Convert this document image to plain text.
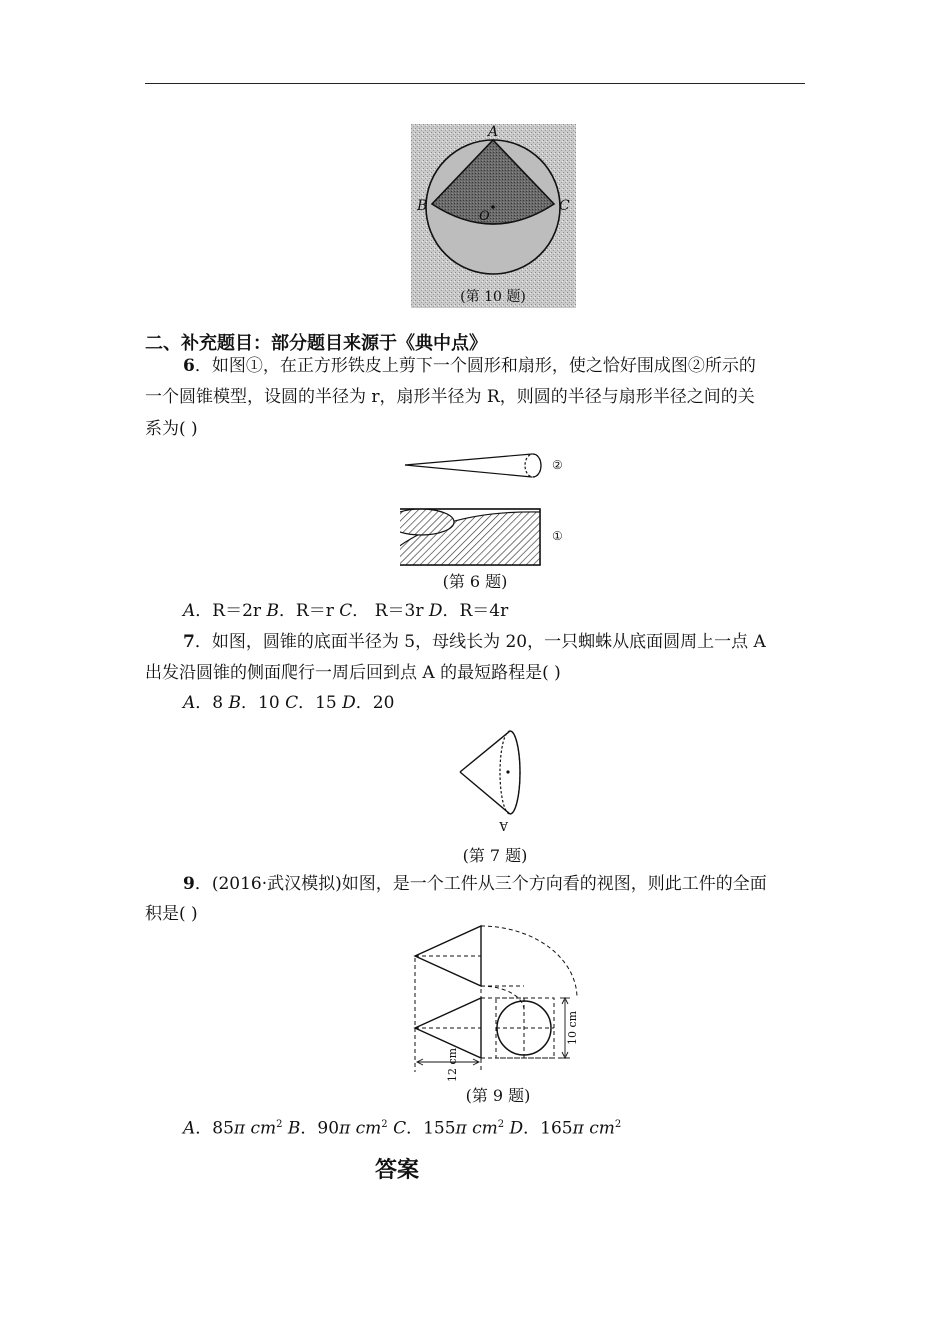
A
B	C
O
(第 10 题)
二、补充题目：部分题目来源于《典中点》
6．如图①，在正方形铁皮上剪下一个圆形和扇形，使之恰好围成图②所示的
一个圆锥模型，设圆的半径为 r，扇形半径为 R，则圆的半径与扇形半径之间的关
系为( )
②
①
(第 6 题)
A．R＝2r B．R＝r C． R＝3r D．R＝4r
7．如图，圆锥的底面半径为 5，母线长为 20，一只蜘蛛从底面圆周上一点 A
出发沿圆锥的侧面爬行一周后回到点 A 的最短路程是( )
A．8 B．10 C．15 D．20
A
(第 7 题)
9．(2016·武汉模拟)如图，是一个工件从三个方向看的视图，则此工件的全面
积是( )
10 cm
12 cm
(第 9 题)
A．85π $cm^2$ B．90π $cm^2$ C．155π $cm^2$ D．165π $cm^2$
答案
